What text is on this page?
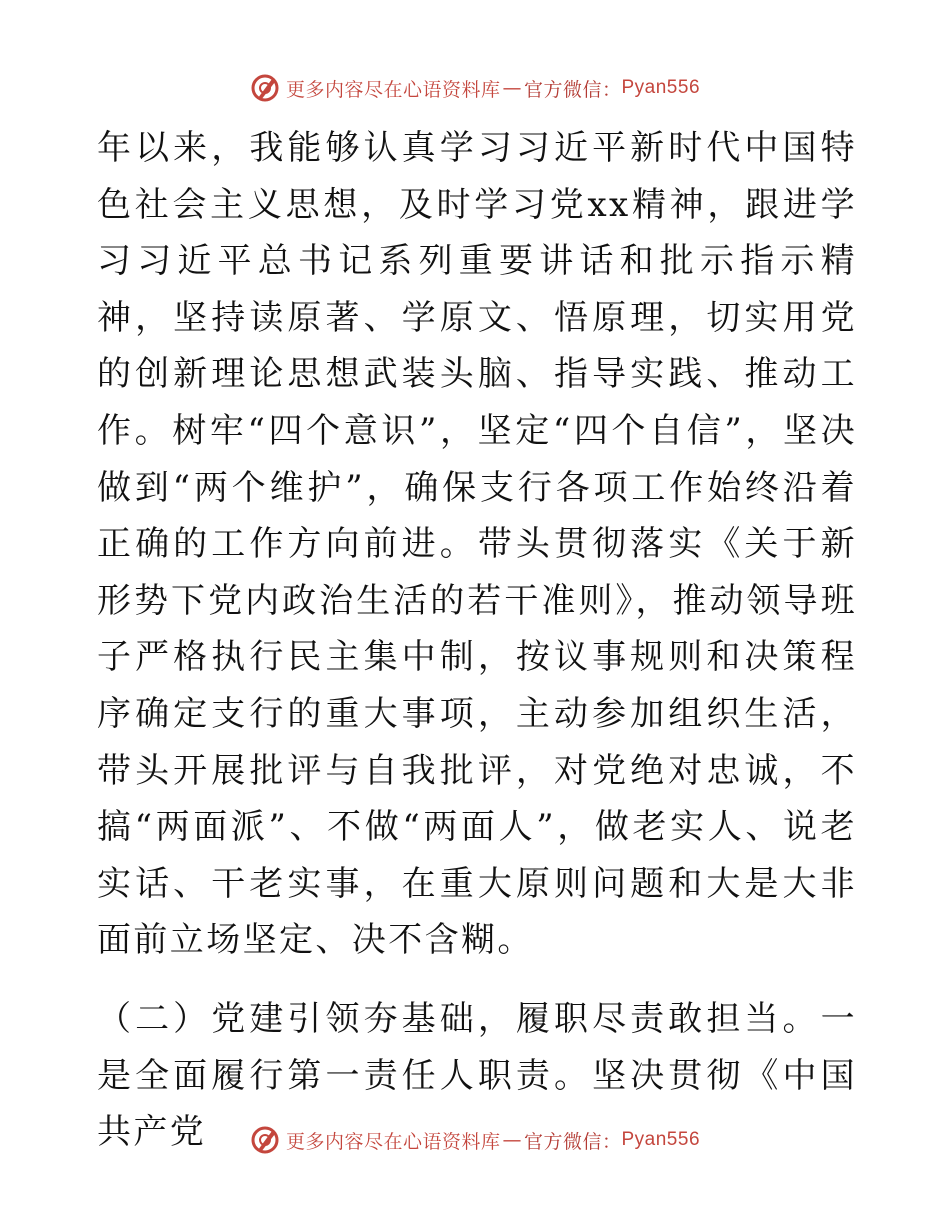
更多内容尽在心语资料库 — 官方微信： Pyan556

年以来，我能够认真学习习近平新时代中国特色社会主义思想，及时学习党xx精神，跟进学习习近平总书记系列重要讲话和批示指示精神，坚持读原著、学原文、悟原理，切实用党的创新理论思想武装头脑、指导实践、推动工作。树牢“四个意识”，坚定“四个自信”，坚决做到“两个维护”，确保支行各项工作始终沿着正确的工作方向前进。带头贯彻落实《关于新形势下党内政治生活的若干准则》，推动领导班子严格执行民主集中制，按议事规则和决策程序确定支行的重大事项，主动参加组织生活，带头开展批评与自我批评，对党绝对忠诚，不搞“两面派”、不做“两面人”，做老实人、说老实话、干老实事，在重大原则问题和大是大非面前立场坚定、决不含糊。

（二）党建引领夯基础，履职尽责敢担当。一是全面履行第一责任人职责。坚决贯彻《中国共产党	更多内容尽在心语资料库 — 官方微信： Pyan556
